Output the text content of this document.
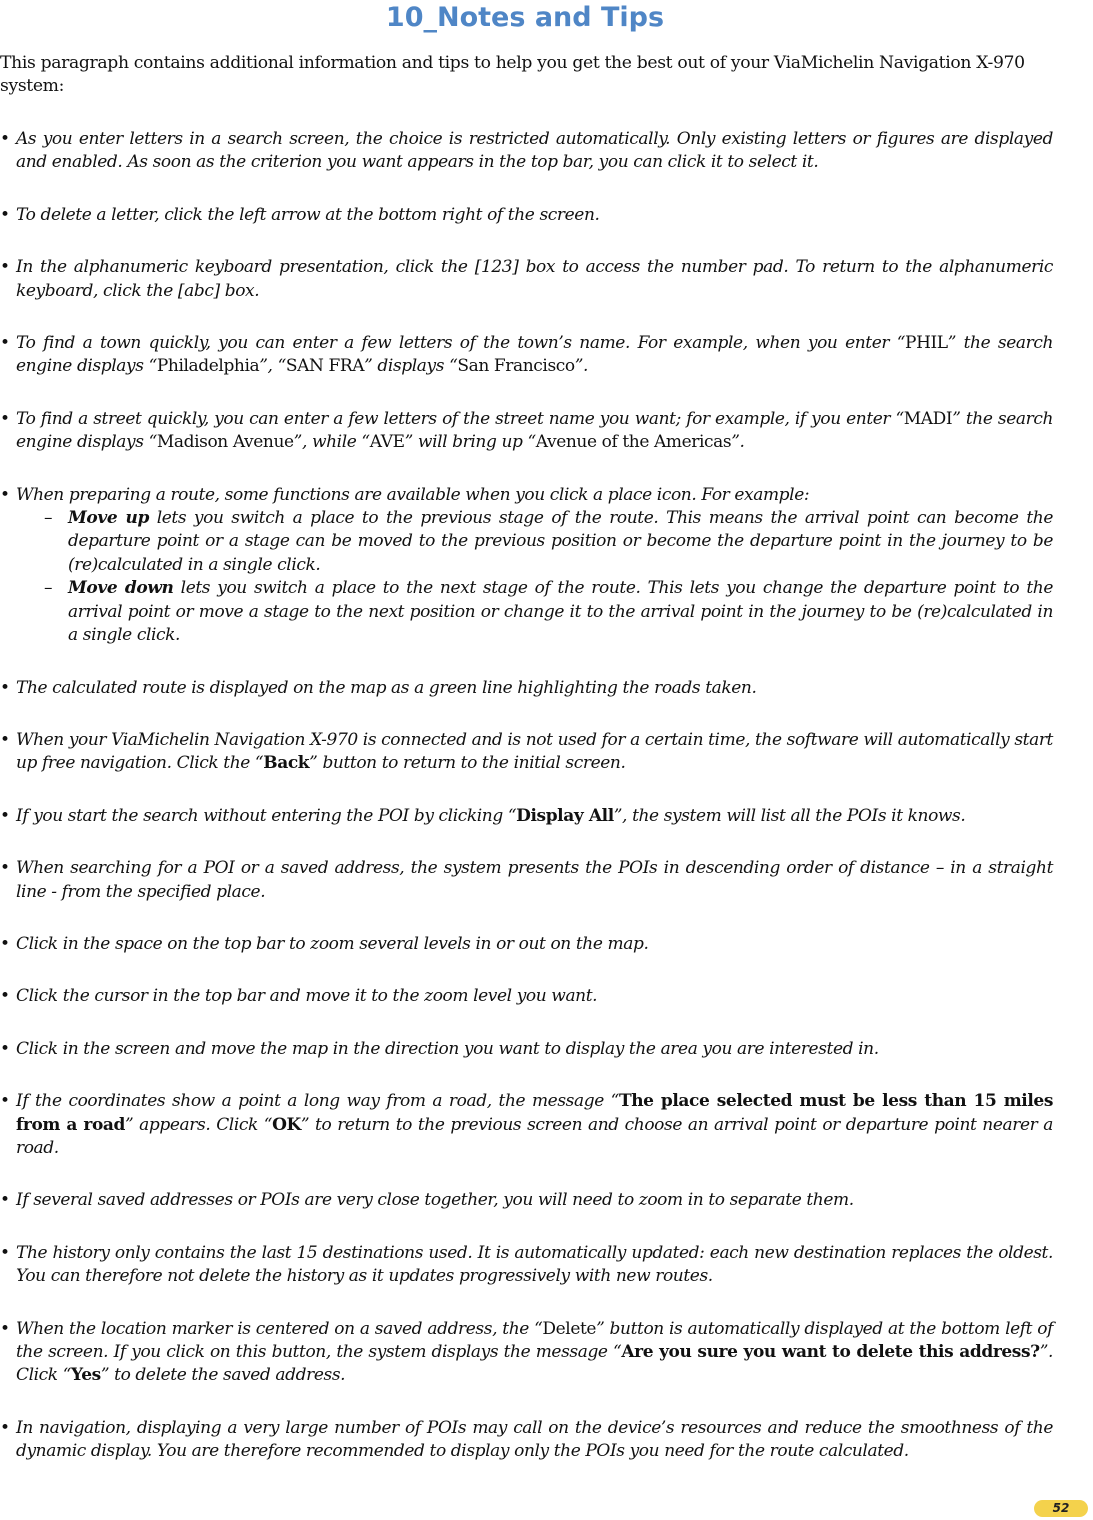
10_Notes and Tips

This paragraph contains additional information and tips to help you get the best out of your ViaMichelin Navigation X-970 system:

• As you enter letters in a search screen, the choice is restricted automatically. Only existing letters or figures are displayed and enabled. As soon as the criterion you want appears in the top bar, you can click it to select it.
• To delete a letter, click the left arrow at the bottom right of the screen.
• In the alphanumeric keyboard presentation, click the [123] box to access the number pad. To return to the alphanumeric keyboard, click the [abc] box.
• To find a town quickly, you can enter a few letters of the town’s name. For example, when you enter “PHIL” the search engine displays “Philadelphia”, “SAN FRA” displays “San Francisco”.
• To find a street quickly, you can enter a few letters of the street name you want; for example, if you enter “MADI” the search engine displays “Madison Avenue”, while “AVE” will bring up “Avenue of the Americas”.
• When preparing a route, some functions are available when you click a place icon. For example:
– Move up lets you switch a place to the previous stage of the route. This means the arrival point can become the departure point or a stage can be moved to the previous position or become the departure point in the journey to be (re)calculated in a single click.
– Move down lets you switch a place to the next stage of the route. This lets you change the departure point to the arrival point or move a stage to the next position or change it to the arrival point in the journey to be (re)calculated in a single click.
• The calculated route is displayed on the map as a green line highlighting the roads taken.
• When your ViaMichelin Navigation X-970 is connected and is not used for a certain time, the software will automatically start up free navigation. Click the “Back” button to return to the initial screen.
• If you start the search without entering the POI by clicking “Display All”, the system will list all the POIs it knows.
• When searching for a POI or a saved address, the system presents the POIs in descending order of distance – in a straight line - from the specified place.
• Click in the space on the top bar to zoom several levels in or out on the map.
• Click the cursor in the top bar and move it to the zoom level you want.
• Click in the screen and move the map in the direction you want to display the area you are interested in.
• If the coordinates show a point a long way from a road, the message “The place selected must be less than 15 miles from a road” appears. Click “OK” to return to the previous screen and choose an arrival point or departure point nearer a road.
• If several saved addresses or POIs are very close together, you will need to zoom in to separate them.
• The history only contains the last 15 destinations used. It is automatically updated: each new destination replaces the oldest. You can therefore not delete the history as it updates progressively with new routes.
• When the location marker is centered on a saved address, the “Delete” button is automatically displayed at the bottom left of the screen. If you click on this button, the system displays the message “Are you sure you want to delete this address?”. Click “Yes” to delete the saved address.
• In navigation, displaying a very large number of POIs may call on the device’s resources and reduce the smoothness of the dynamic display. You are therefore recommended to display only the POIs you need for the route calculated.
52
